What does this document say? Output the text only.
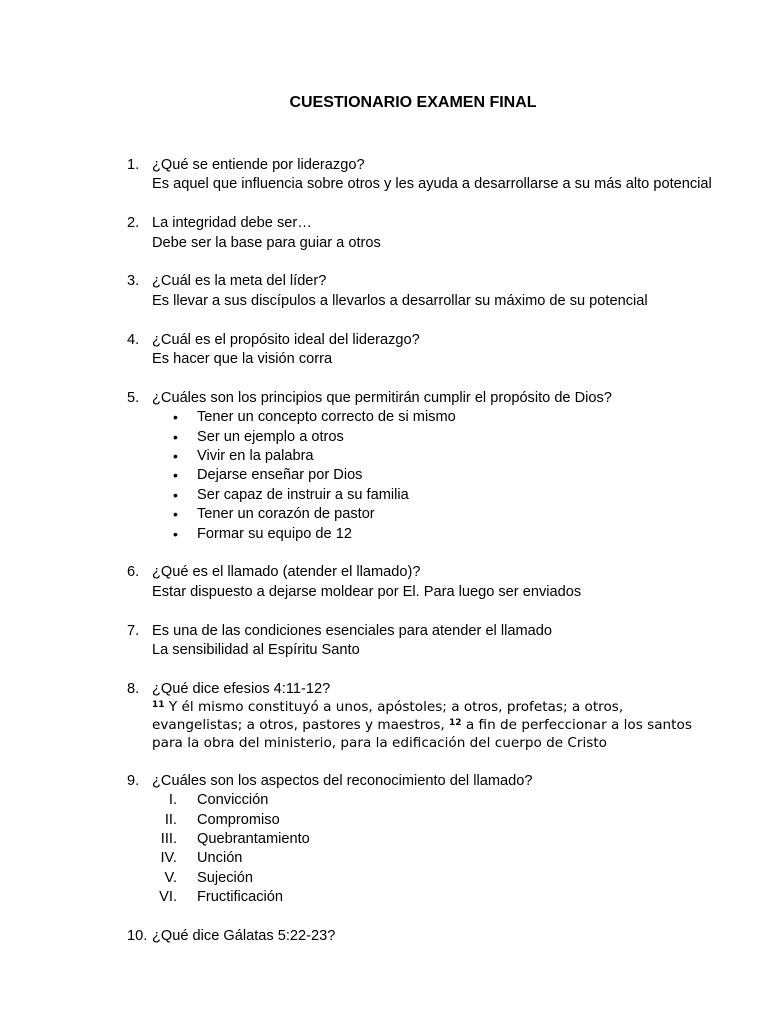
CUESTIONARIO EXAMEN FINAL
1. ¿Qué se entiende por liderazgo?
Es aquel que influencia sobre otros y les ayuda a desarrollarse a su más alto potencial
2. La integridad debe ser…
Debe ser la base para guiar a otros
3. ¿Cuál es la meta del líder?
Es llevar a sus discípulos a llevarlos a desarrollar su máximo de su potencial
4. ¿Cuál es el propósito ideal del liderazgo?
Es hacer que la visión corra
5. ¿Cuáles son los principios que permitirán cumplir el propósito de Dios?
• Tener un concepto correcto de si mismo
• Ser un ejemplo a otros
• Vivir en la palabra
• Dejarse enseñar por Dios
• Ser capaz de instruir a su familia
• Tener un corazón de pastor
• Formar su equipo de 12
6. ¿Qué es el llamado (atender el llamado)?
Estar dispuesto a dejarse moldear por El. Para luego ser enviados
7. Es una de las condiciones esenciales para atender el llamado
La sensibilidad al Espíritu Santo
8. ¿Qué dice efesios 4:11-12?
$^{11}$ Y él mismo constituyó a unos, apóstoles; a otros, profetas; a otros, evangelistas; a otros, pastores y maestros, $^{12}$ a fin de perfeccionar a los santos para la obra del ministerio, para la edificación del cuerpo de Cristo
9. ¿Cuáles son los aspectos del reconocimiento del llamado?
I. Convicción
II. Compromiso
III. Quebrantamiento
IV. Unción
V. Sujeción
VI. Fructificación
10. ¿Qué dice Gálatas 5:22-23?
